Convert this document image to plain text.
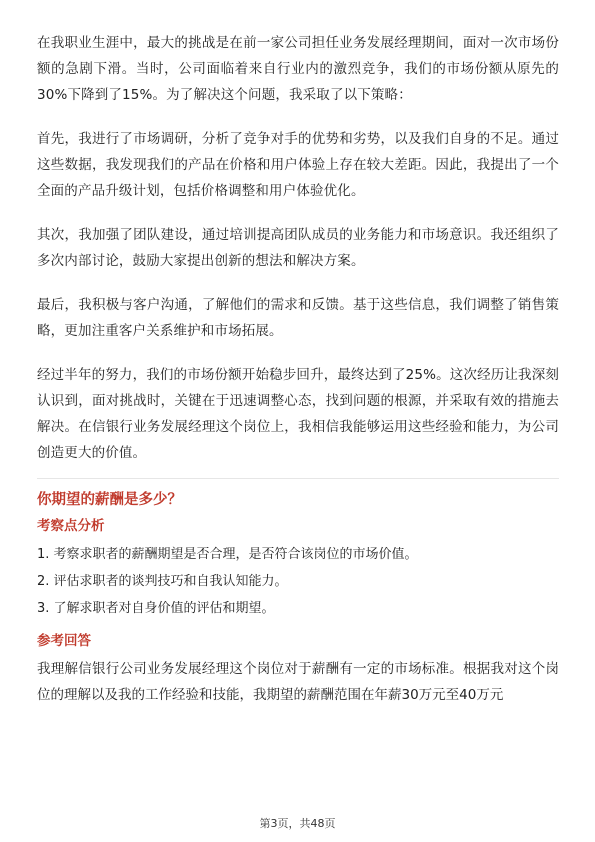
在我职业生涯中，最大的挑战是在前一家公司担任业务发展经理期间，面对一次市场份额的急剧下滑。当时，公司面临着来自行业内的激烈竞争，我们的市场份额从原先的30%下降到了15%。为了解决这个问题，我采取了以下策略：

首先，我进行了市场调研，分析了竞争对手的优势和劣势，以及我们自身的不足。通过这些数据，我发现我们的产品在价格和用户体验上存在较大差距。因此，我提出了一个全面的产品升级计划，包括价格调整和用户体验优化。

其次，我加强了团队建设，通过培训提高团队成员的业务能力和市场意识。我还组织了多次内部讨论，鼓励大家提出创新的想法和解决方案。

最后，我积极与客户沟通，了解他们的需求和反馈。基于这些信息，我们调整了销售策略，更加注重客户关系维护和市场拓展。

经过半年的努力，我们的市场份额开始稳步回升，最终达到了25%。这次经历让我深刻认识到，面对挑战时，关键在于迅速调整心态，找到问题的根源，并采取有效的措施去解决。在信银行业务发展经理这个岗位上，我相信我能够运用这些经验和能力，为公司创造更大的价值。

你期望的薪酬是多少？
考察点分析

1. 考察求职者的薪酬期望是否合理，是否符合该岗位的市场价值。

2. 评估求职者的谈判技巧和自我认知能力。

3. 了解求职者对自身价值的评估和期望。

参考回答

我理解信银行公司业务发展经理这个岗位对于薪酬有一定的市场标准。根据我对这个岗位的理解以及我的工作经验和技能，我期望的薪酬范围在年薪30万元至40万元

第3页，共48页
